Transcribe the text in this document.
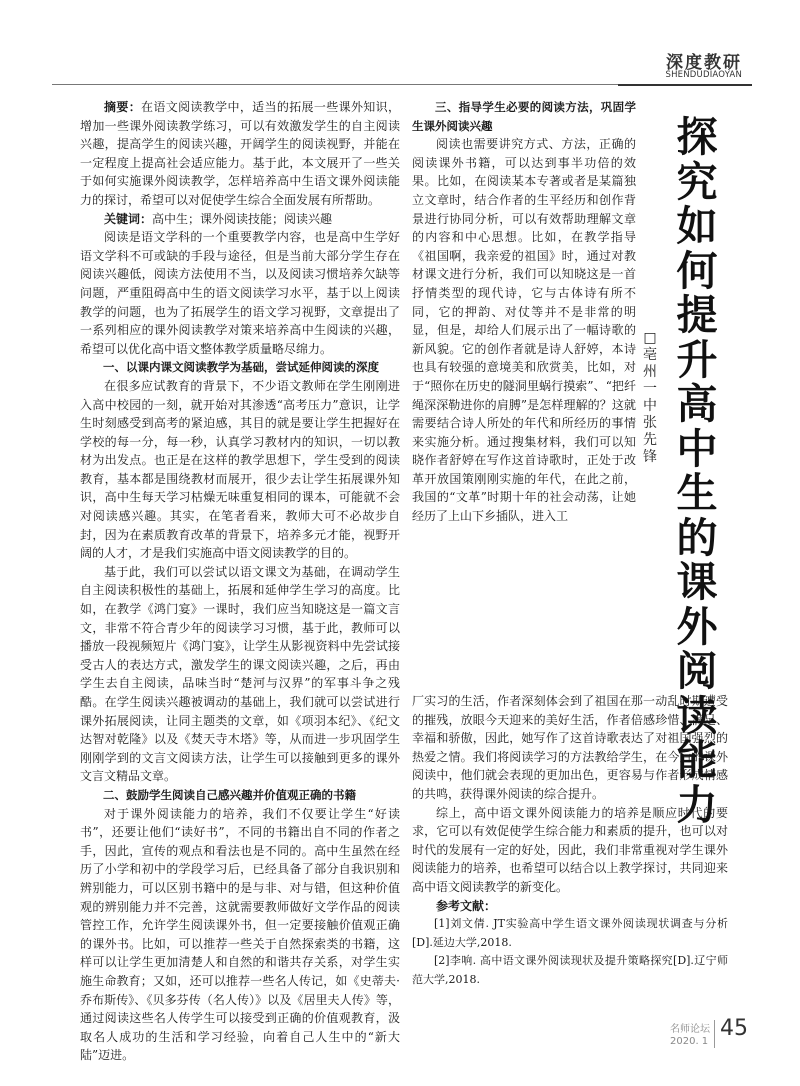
深度教研
SHENDUDIAOYAN

摘要：在语文阅读教学中，适当的拓展一些课外知识，增加一些课外阅读教学练习，可以有效激发学生的自主阅读兴趣，提高学生的阅读兴趣，开阔学生的阅读视野，并能在一定程度上提高社会适应能力。基于此，本文展开了一些关于如何实施课外阅读教学，怎样培养高中生语文课外阅读能力的探讨，希望可以对促使学生综合全面发展有所帮助。

关键词：高中生；课外阅读技能；阅读兴趣

阅读是语文学科的一个重要教学内容，也是高中生学好语文学科不可或缺的手段与途径，但是当前大部分学生存在阅读兴趣低，阅读方法使用不当，以及阅读习惯培养欠缺等问题，严重阻碍高中生的语文阅读学习水平，基于以上阅读教学的问题，也为了拓展学生的语文学习视野，文章提出了一系列相应的课外阅读教学对策来培养高中生阅读的兴趣，希望可以优化高中语文整体教学质量略尽绵力。

一、以课内课文阅读教学为基础，尝试延伸阅读的深度

在很多应试教育的背景下，不少语文教师在学生刚刚进入高中校园的一刻，就开始对其渗透“高考压力”意识，让学生时刻感受到高考的紧迫感，其目的就是要让学生把握好在学校的每一分，每一秒，认真学习教材内的知识，一切以教材为出发点。也正是在这样的教学思想下，学生受到的阅读教育，基本都是围绕教材而展开，很少去让学生拓展课外知识，高中生每天学习枯燥无味重复相同的课本，可能就不会对阅读感兴趣。其实，在笔者看来，教师大可不必故步自封，因为在素质教育改革的背景下，培养多元才能，视野开阔的人才，才是我们实施高中语文阅读教学的目的。

基于此，我们可以尝试以语文课文为基础，在调动学生自主阅读积极性的基础上，拓展和延伸学生学习的高度。比如，在教学《鸿门宴》一课时，我们应当知晓这是一篇文言文，非常不符合青少年的阅读学习习惯，基于此，教师可以播放一段视频短片《鸿门宴》，让学生从影视资料中先尝试接受古人的表达方式，激发学生的课文阅读兴趣，之后，再由学生去自主阅读，品味当时“楚河与汉界”的军事斗争之残酷。在学生阅读兴趣被调动的基础上，我们就可以尝试进行课外拓展阅读，让同主题类的文章，如《项羽本纪》、《纪文达智对乾隆》以及《焚天寺木塔》等，从而进一步巩固学生刚刚学到的文言文阅读方法，让学生可以接触到更多的课外文言文精品文章。

二、鼓励学生阅读自己感兴趣并价值观正确的书籍

对于课外阅读能力的培养，我们不仅要让学生“好读书”，还要让他们“读好书”，不同的书籍出自不同的作者之手，因此，宣传的观点和看法也是不同的。高中生虽然在经历了小学和初中的学段学习后，已经具备了部分自我识别和辨别能力，可以区别书籍中的是与非、对与错，但这种价值观的辨别能力并不完善，这就需要教师做好文学作品的阅读管控工作，允许学生阅读课外书，但一定要接触价值观正确的课外书。比如，可以推荐一些关于自然探索类的书籍，这样可以让学生更加清楚人和自然的和谐共存关系，对学生实施生命教育；又如，还可以推荐一些名人传记，如《史蒂夫·乔布斯传》、《贝多芬传（名人传）》以及《居里夫人传》等，通过阅读这些名人传学生可以接受到正确的价值观教育，汲取名人成功的生活和学习经验，向着自己人生中的“新大陆”迈进。

三、指导学生必要的阅读方法，巩固学生课外阅读兴趣

阅读也需要讲究方式、方法，正确的阅读课外书籍，可以达到事半功倍的效果。比如，在阅读某本专著或者是某篇独立文章时，结合作者的生平经历和创作背景进行协同分析，可以有效帮助理解文章的内容和中心思想。比如，在教学指导《祖国啊，我亲爱的祖国》时，通过对教材课文进行分析，我们可以知晓这是一首抒情类型的现代诗，它与古体诗有所不同，它的押韵、对仗等并不是非常的明显，但是，却给人们展示出了一幅诗歌的新风貌。它的创作者就是诗人舒婷，本诗也具有较强的意境美和欣赏美，比如，对于“照你在历史的隧洞里蜗行摸索”、“把纤绳深深勒进你的肩膊”是怎样理解的？这就需要结合诗人所处的年代和所经历的事情来实施分析。通过搜集材料，我们可以知晓作者舒婷在写作这首诗歌时，正处于改革开放国策刚刚实施的年代，在此之前，我国的“文革”时期十年的社会动荡，让她经历了上山下乡插队，进入工

厂实习的生活，作者深刻体会到了祖国在那一动乱时期遭受的摧残，放眼今天迎来的美好生活，作者倍感珍惜、满足、幸福和骄傲，因此，她写作了这首诗歌表达了对祖国强烈的热爱之情。我们将阅读学习的方法教给学生，在今后的课外阅读中，他们就会表现的更加出色，更容易与作者形成情感的共鸣，获得课外阅读的综合提升。

综上，高中语文课外阅读能力的培养是顺应时代的要求，它可以有效促使学生综合能力和素质的提升，也可以对时代的发展有一定的好处，因此，我们非常重视对学生课外阅读能力的培养，也希望可以结合以上教学探讨，共同迎来高中语文阅读教学的新变化。

参考文献：

[1]刘文倩. JT实验高中学生语文课外阅读现状调查与分析[D].延边大学,2018.

[2]李响. 高中语文课外阅读现状及提升策略探究[D].辽宁师范大学,2018.

探究如何提升高中生的课外阅读能力
□亳州一中 张先锋
名师论坛
2020. 1
45
